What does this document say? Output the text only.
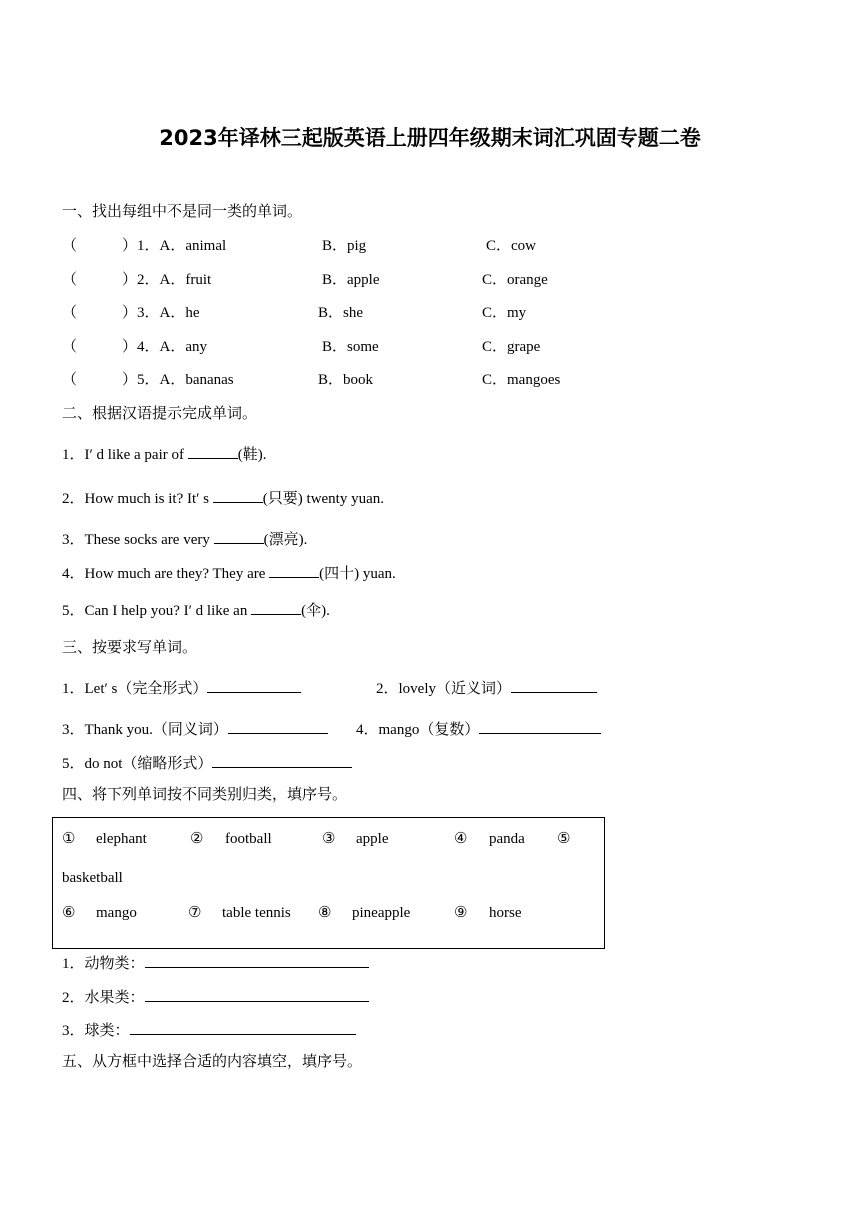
2023年译林三起版英语上册四年级期末词汇巩固专题二卷
一、找出每组中不是同一类的单词。
（　　　）1．A．animal	B．pig	C．cow
（　　　）2．A．fruit	B．apple	C．orange
（　　　）3．A．he	B．she	C．my
（　　　）4．A．any	B．some	C．grape
（　　　）5．A．bananas	B．book	C．mangoes
二、根据汉语提示完成单词。
1．I′ d like a pair of	(鞋).
2．How much is it? It′ s	(只要) twenty yuan.
3．These socks are very	(漂亮).
4．How much are they? They are	(四十) yuan.
5．Can I help you? I′ d like an	(伞).
三、按要求写单词。
1．Let′ s（完全形式）	2．lovely（近义词）
3．Thank you.（同义词）	4．mango（复数）
5．do not（缩略形式）
四、将下列单词按不同类别归类，填序号。
① elephant	② football	③ apple	④ panda ⑤
basketball
⑥ mango	⑦ table tennis ⑧ pineapple	⑨ horse
1．动物类：
2．水果类：
3．球类：
五、从方框中选择合适的内容填空，填序号。
